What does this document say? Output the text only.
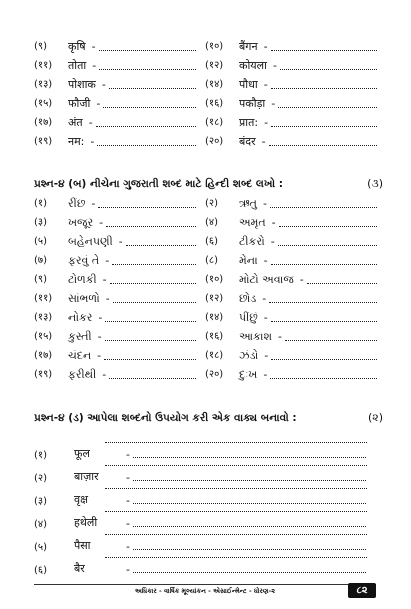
(९)	कृषि -	(१०)	बैंगन -
(११)	तोता -	(१२)	कोयला -
(१३)	पोशाक -	(१४)	पौधा -
(१५)	फौजी -	(१६)	पकौड़ा -
(१७)	अंत -	(१८)	प्रात: -
(१९)	नम: -	(२०)	बंदर -
પ્રશ્ન-૪ (બ) નીચેના ગુજરાતી શબ્દ માટે હિન્દી શબ્દ લખો :	(૩)
(१)	રીંછ -	(२)	ઋતુ -
(३)	ખજૂર -	(४)	અમૃત -
(५)	બહેનપણી -	(६)	ટીકરો -
(७)	ફરવું તે -	(८)	મેના -
(९)	ટોળકી -	(१०)	મોટો અવાજ -
(११)	સાંભળો -	(१२)	છોડ -
(१३)	નોકર -	(१४)	પીંછું -
(१५)	કુસ્તી -	(१६)	આકાશ -
(१७)	ચંદન -	(१८)	ઝંડો -
(१९)	ફરીથી -	(२०)	દુઃખ -
પ્રશ્ન-૪ (ડ) આપેલા શબ્દનો ઉપયોગ કરી એક વાક્ય બનાવો :	(૨)
(१)	फूल	-
(२)	बाज़ार	-
(३)	वृक्ष	-
(४)	हथेली	-
(५)	पैसा	-
(६)	बैर	-
અધિકાર - વાર્ષિક મૂલ્યાંકન - એસાઈન્મેન્ટ - ધોરણ-૨	૮૨
